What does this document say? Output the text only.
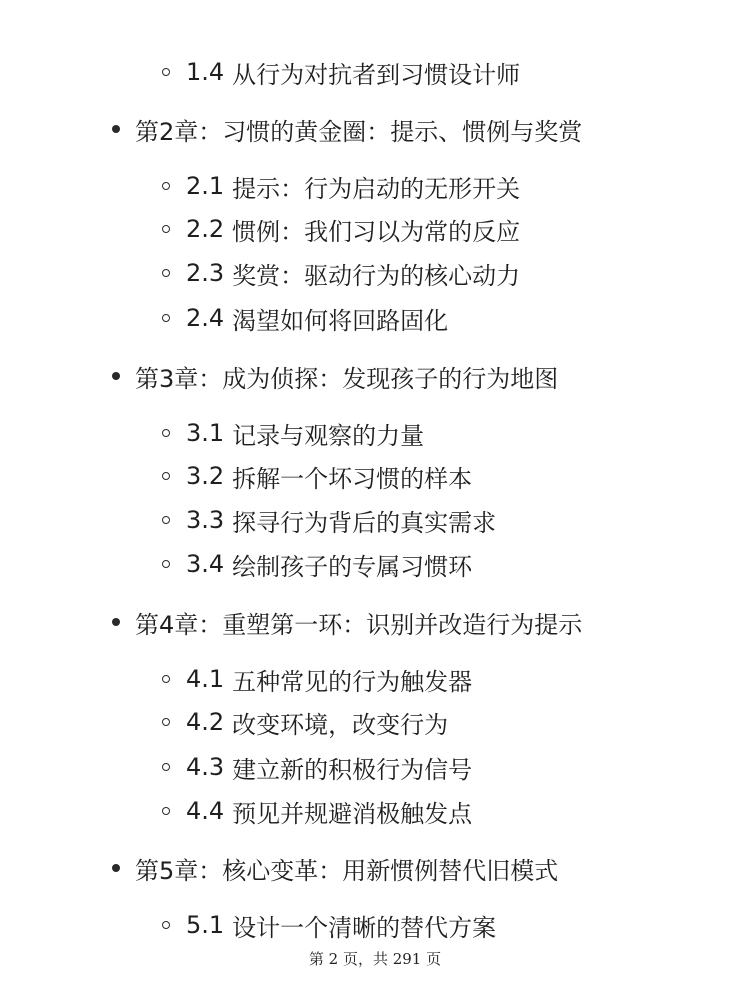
1.4 从行为对抗者到习惯设计师
第2章：习惯的黄金圈：提示、惯例与奖赏
2.1 提示：行为启动的无形开关
2.2 惯例：我们习以为常的反应
2.3 奖赏：驱动行为的核心动力
2.4 渴望如何将回路固化
第3章：成为侦探：发现孩子的行为地图
3.1 记录与观察的力量
3.2 拆解一个坏习惯的样本
3.3 探寻行为背后的真实需求
3.4 绘制孩子的专属习惯环
第4章：重塑第一环：识别并改造行为提示
4.1 五种常见的行为触发器
4.2 改变环境，改变行为
4.3 建立新的积极行为信号
4.4 预见并规避消极触发点
第5章：核心变革：用新惯例替代旧模式
5.1 设计一个清晰的替代方案
第 2 页，共 291 页
